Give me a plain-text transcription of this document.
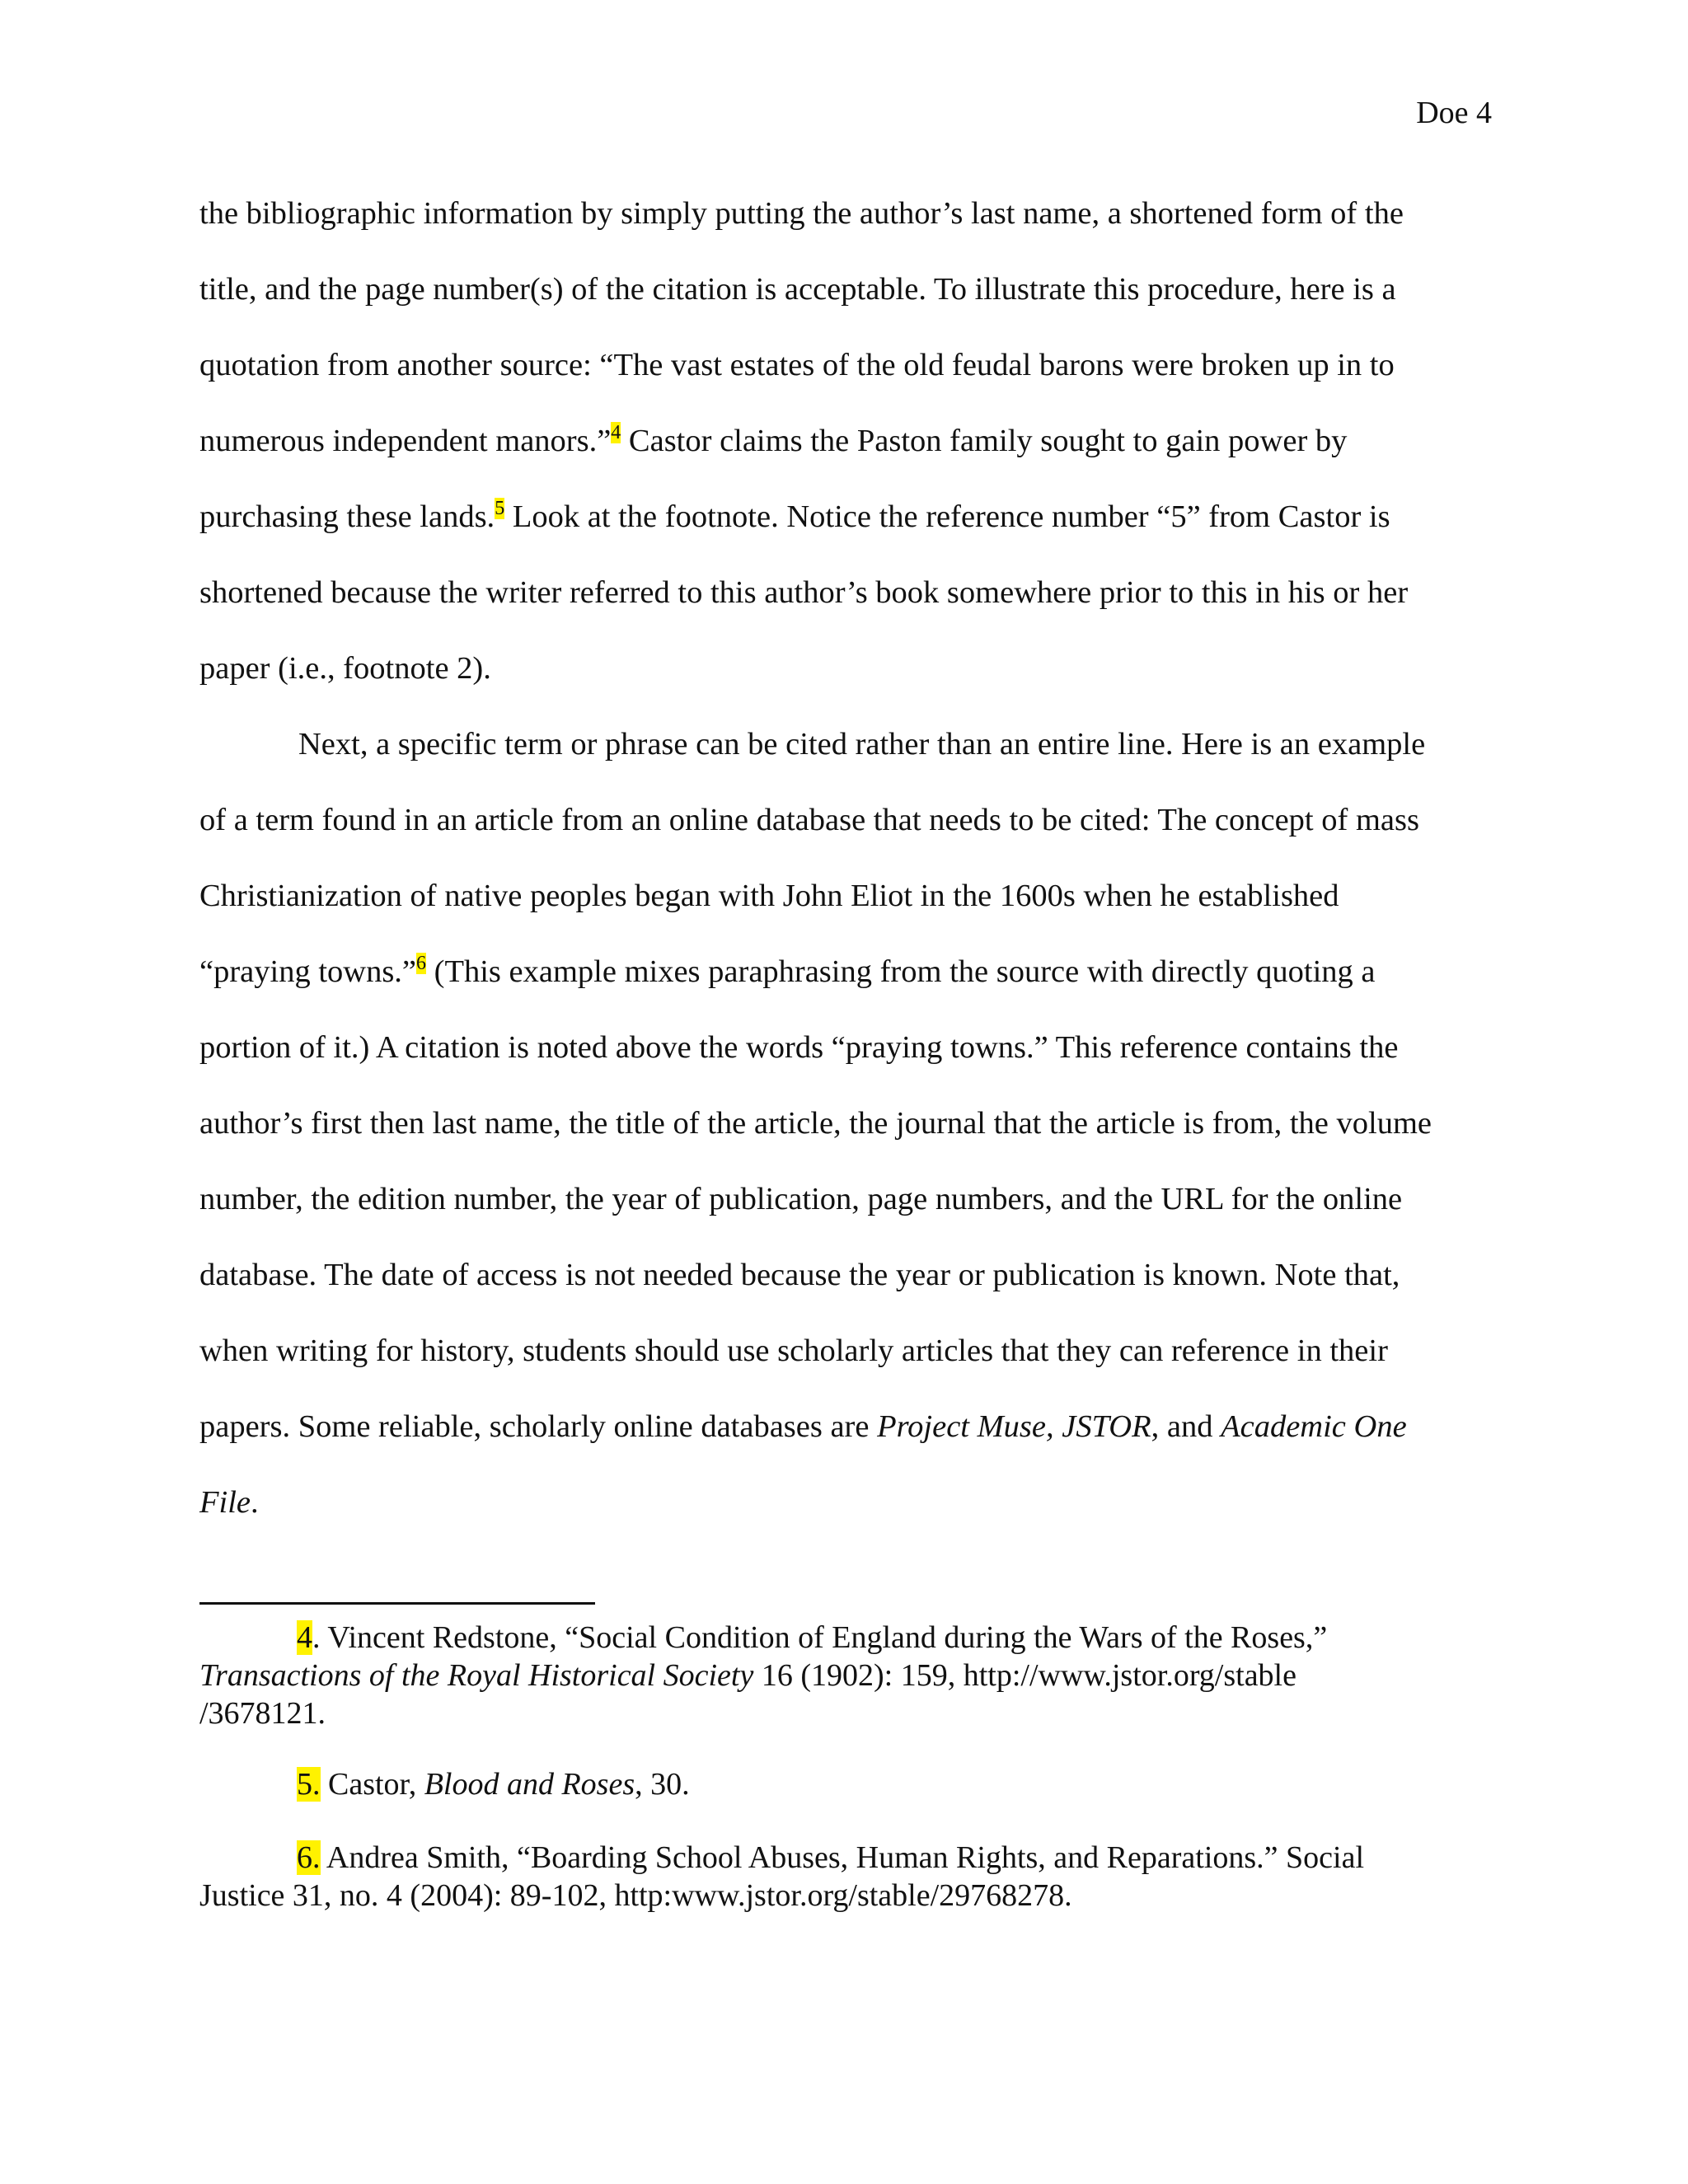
Doe 4
the bibliographic information by simply putting the author’s last name, a shortened form of the
title, and the page number(s) of the citation is acceptable. To illustrate this procedure, here is a
quotation from another source: “The vast estates of the old feudal barons were broken up in to
numerous independent manors.”$^4$ Castor claims the Paston family sought to gain power by
purchasing these lands.$^5$ Look at the footnote. Notice the reference number “5” from Castor is
shortened because the writer referred to this author’s book somewhere prior to this in his or her
paper (i.e., footnote 2).
Next, a specific term or phrase can be cited rather than an entire line. Here is an example
of a term found in an article from an online database that needs to be cited: The concept of mass
Christianization of native peoples began with John Eliot in the 1600s when he established
“praying towns.”$^6$ (This example mixes paraphrasing from the source with directly quoting a
portion of it.) A citation is noted above the words “praying towns.” This reference contains the
author’s first then last name, the title of the article, the journal that the article is from, the volume
number, the edition number, the year of publication, page numbers, and the URL for the online
database. The date of access is not needed because the year or publication is known. Note that,
when writing for history, students should use scholarly articles that they can reference in their
papers. Some reliable, scholarly online databases are Project Muse, JSTOR, and Academic One
File.
4. Vincent Redstone, “Social Condition of England during the Wars of the Roses,”
Transactions of the Royal Historical Society 16 (1902): 159, http://www.jstor.org/stable
/3678121.
5. Castor, Blood and Roses, 30.
6. Andrea Smith, “Boarding School Abuses, Human Rights, and Reparations.” Social
Justice 31, no. 4 (2004): 89-102, http:www.jstor.org/stable/29768278.
